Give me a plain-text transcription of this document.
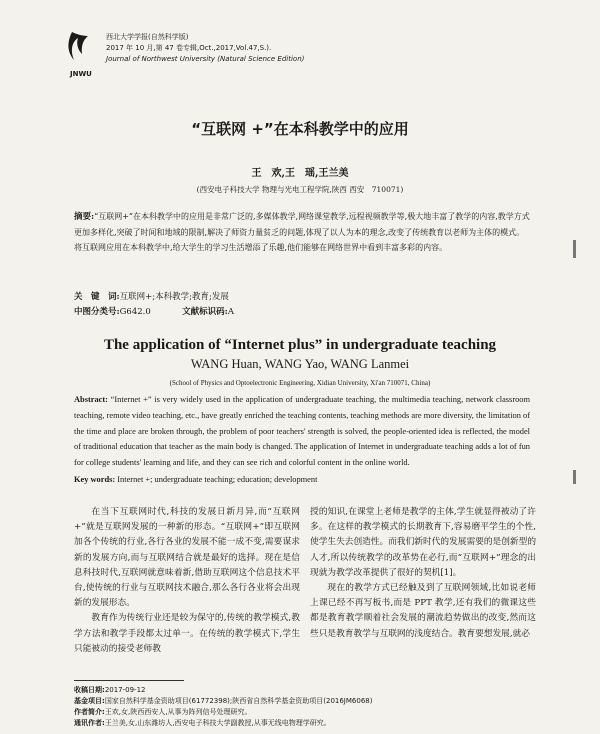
JNWU
西北大学学报(自然科学版)
2017 年 10 月,第 47 卷专辑,Oct.,2017,Vol.47,S.).
Journal of Northwest University (Natural Science Edition)
“互联网 +”在本科教学中的应用
王　欢,王　瑶,王兰美
(西安电子科技大学 物理与光电工程学院,陕西 西安　710071)

摘要:“互联网+”在本科教学中的应用是非常广泛的,多媒体教学,网络课堂教学,远程视频教学等,极大地丰富了教学的内容,教学方式更加多样化,突破了时间和地域的限制,解决了师资力量贫乏的问题,体现了以人为本的理念,改变了传统教育以老师为主体的模式。将互联网应用在本科教学中,给大学生的学习生活增添了乐趣,他们能够在网络世界中看到丰富多彩的内容。

关　键　词:互联网+;本科教学;教育;发展
中图分类号:G642.0	文献标识码:A
The application of “Internet plus” in undergraduate teaching
WANG Huan, WANG Yao, WANG Lanmei
(School of Physics and Optoelectronic Engineering, Xidian University, Xi'an 710071, China)
Abstract: “Internet +” is very widely used in the application of undergraduate teaching, the multimedia teaching, network classroom teaching, remote video teaching, etc., have greatly enriched the teaching contents, teaching methods are more diversity, the limitation of the time and place are broken through, the problem of poor teachers' strength is solved, the people-oriented idea is reflected, the model of traditional education that teacher as the main body is changed. The application of Internet in undergraduate teaching adds a lot of fun for college students' learning and life, and they can see rich and colorful content in the online world.
Key words: Internet +; undergraduate teaching; education; development

在当下互联网时代,科技的发展日新月异,而“互联网+”就是互联网发展的一种新的形态。“互联网+”即互联网加各个传统的行业,各行各业的发展不能一成不变,需要谋求新的发展方向,而与互联网结合就是最好的选择。现在是信息科技时代,互联网就意味着新,借助互联网这个信息技术平台,使传统的行业与互联网技术融合,那么各行各业将会出现新的发展形态。

教育作为传统行业还是较为保守的,传统的教学模式,教学方法和教学手段都太过单一。在传统的教学模式下,学生只能被动的接受老师教

授的知识,在课堂上老师是教学的主体,学生就显得被动了许多。在这样的教学模式的长期教育下,容易磨平学生的个性,使学生失去创造性。而我们新时代的发展需要的是创新型的人才,所以传统教学的改革势在必行,而“互联网+”理念的出现就为教学改革提供了很好的契机[1]。

现在的教学方式已经触及到了互联网领域,比如说老师上课已经不再写板书,而是 PPT 教学,还有我们的微课这些都是教育教学顺着社会发展的潮流趋势做出的改变,然而这些只是教育教学与互联网的浅度结合。教育要想发展,就必

收稿日期:2017-09-12
基金项目:国家自然科学基金资助项目(61772398);陕西省自然科学基金资助项目(2016JM6068)
作者简介:王欢,女,陕西西安人,从事为阵列信号处理研究。
通讯作者:王兰美,女,山东潍坊人,西安电子科技大学副教授,从事无线电物理学研究。
